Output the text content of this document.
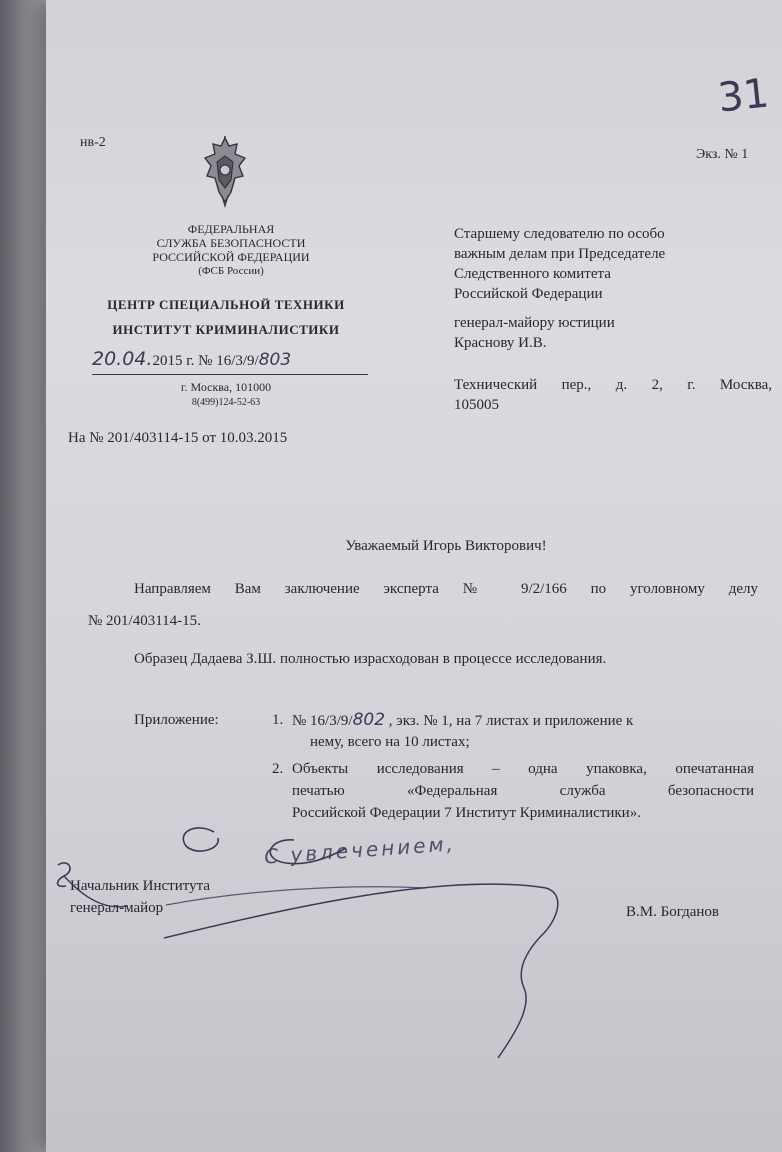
нв-2
Экз. № 1
31
ФЕДЕРАЛЬНАЯ
СЛУЖБА БЕЗОПАСНОСТИ
РОССИЙСКОЙ ФЕДЕРАЦИИ
(ФСБ России)
ЦЕНТР СПЕЦИАЛЬНОЙ ТЕХНИКИ
ИНСТИТУТ КРИМИНАЛИСТИКИ
20.04.2015 г. № 16/3/9/803
г. Москва, 101000
8(499)124-52-63
На № 201/403114-15 от 10.03.2015
Старшему следователю по особо
важным делам при Председателе
Следственного комитета
Российской Федерации
генерал-майору юстиции
Краснову И.В.
Технический пер., д. 2, г. Москва,
105005
Уважаемый Игорь Викторович!
Направляем Вам заключение эксперта № 9/2/166 по уголовному делу
№ 201/403114-15.
Образец Дадаева З.Ш. полностью израсходован в процессе исследования.
Приложение:	1. № 16/3/9/802 , экз. № 1, на 7 листах и приложение к
нему, всего на 10 листах;
2. Объекты исследования – одна упаковка, опечатанная
печатью «Федеральная служба безопасности
Российской Федерации 7 Институт Криминалистики».
С увлечением,
Начальник Института
генерал-майор	В.М. Богданов
